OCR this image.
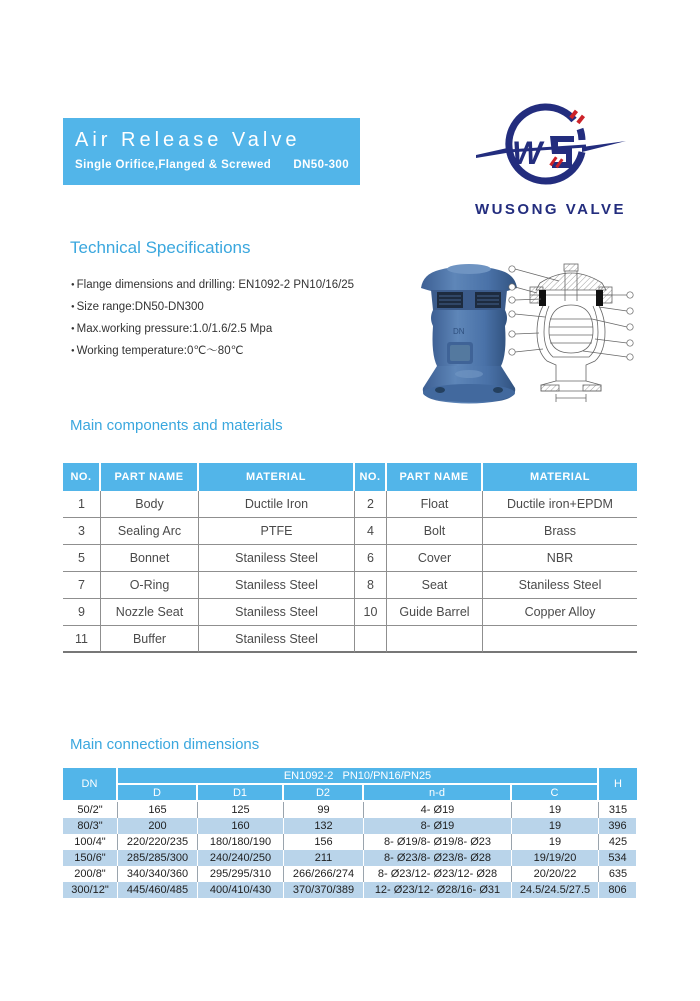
Air Release Valve
Single Orifice,Flanged & Screwed DN50-300	W
WUSONG VALVE
Technical Specifications
● Flange dimensions and drilling: EN1092-2 PN10/16/25
● Size range:DN50-DN300
● Max.working pressure:1.0/1.6/2.5 Mpa
● Working temperature:0℃～80℃
DN
Main components and materials
NO.	PART NAME	MATERIAL	NO.	PART NAME	MATERIAL
1	Body	Ductile Iron	2	Float	Ductile iron+EPDM
3	Sealing Arc	PTFE	4	Bolt	Brass
5	Bonnet	Staniless Steel	6	Cover	NBR
7	O-Ring	Staniless Steel	8	Seat	Staniless Steel
9	Nozzle Seat	Staniless Steel	10	Guide Barrel	Copper Alloy
11	Buffer	Staniless Steel			
Main connection dimensions
DN	EN1092-2   PN10/PN16/PN25					H
	D	D1	D2	n-d	C	
50/2"	165	125	99	4- Ø19	19	315
80/3"	200	160	132	8- Ø19	19	396
100/4"	220/220/235	180/180/190	156	8- Ø19/8- Ø19/8- Ø23	19	425
150/6"	285/285/300	240/240/250	211	8- Ø23/8- Ø23/8- Ø28	19/19/20	534
200/8"	340/340/360	295/295/310	266/266/274	8- Ø23/12- Ø23/12- Ø28	20/20/22	635
300/12"	445/460/485	400/410/430	370/370/389	12- Ø23/12- Ø28/16- Ø31	24.5/24.5/27.5	806
